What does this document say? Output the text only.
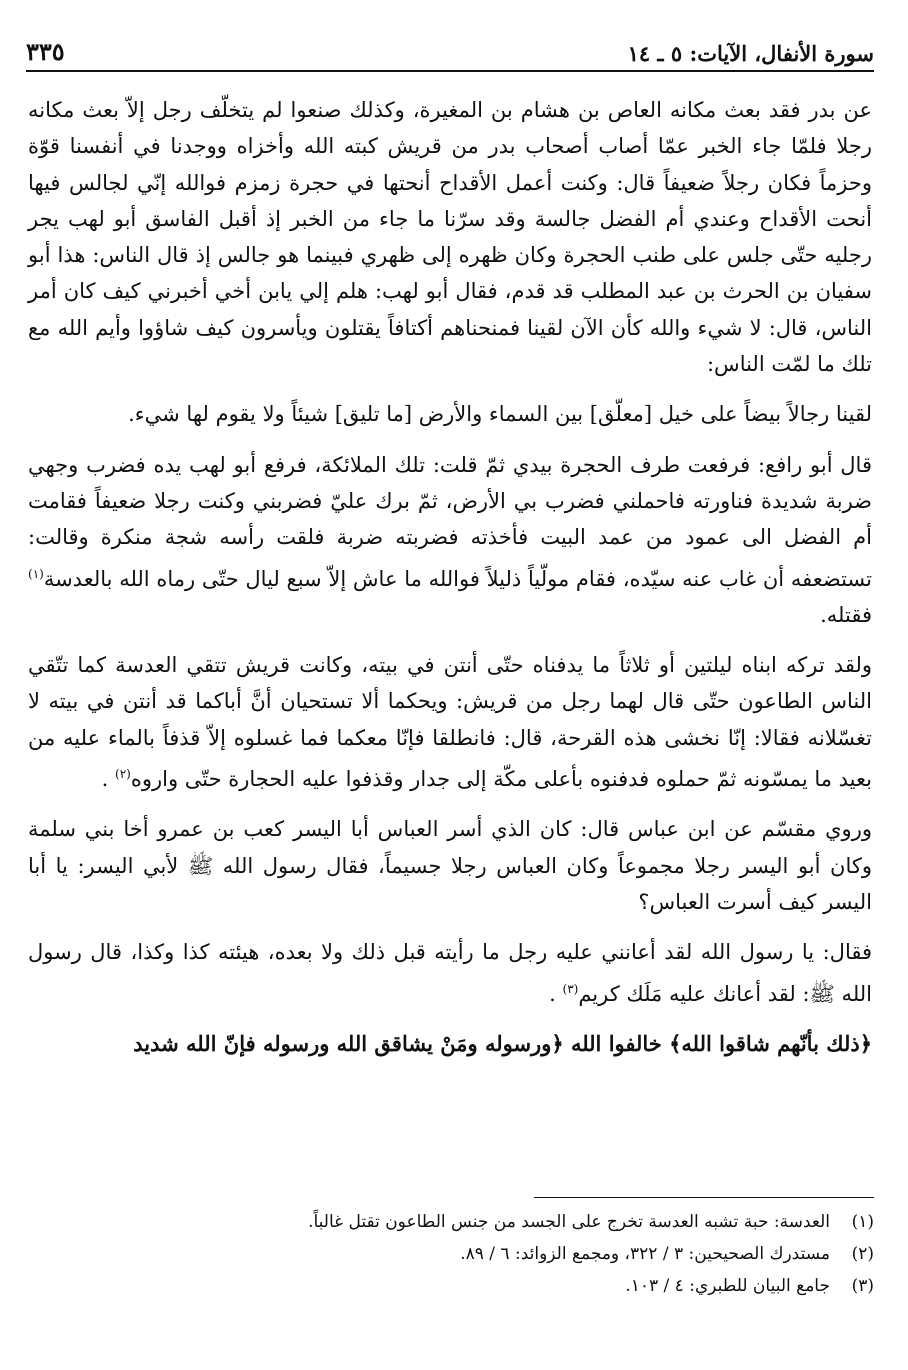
سورة الأنفال، الآيات: ٥ ـ ١٤
٣٣٥

عن بدر فقد بعث مكانه العاص بن هشام بن المغيرة، وكذلك صنعوا لم يتخلّف رجل إلاّ بعث مكانه رجلا فلمّا جاء الخبر عمّا أصاب أصحاب بدر من قريش كبته الله وأخزاه ووجدنا في أنفسنا قوّة وحزماً فكان رجلاً ضعيفاً قال: وكنت أعمل الأقداح أنحتها في حجرة زمزم فوالله إنّي لجالس فيها أنحت الأقداح وعندي أم الفضل جالسة وقد سرّنا ما جاء من الخبر إذ أقبل الفاسق أبو لهب يجر رجليه حتّى جلس على طنب الحجرة وكان ظهره إلى ظهري فبينما هو جالس إذ قال الناس: هذا أبو سفيان بن الحرث بن عبد المطلب قد قدم، فقال أبو لهب: هلم إلي يابن أخي أخبرني كيف كان أمر الناس، قال: لا شيء والله كأن الآن لقينا فمنحناهم أكتافاً يقتلون ويأسرون كيف شاؤوا وأيم الله مع تلك ما لمّت الناس:

لقينا رجالاً بيضاً على خيل [معلّق] بين السماء والأرض [ما تليق] شيئاً ولا يقوم لها شيء.

قال أبو رافع: فرفعت طرف الحجرة بيدي ثمّ قلت: تلك الملائكة، فرفع أبو لهب يده فضرب وجهي ضربة شديدة فناورته فاحملني فضرب بي الأرض، ثمّ برك عليّ فضربني وكنت رجلا ضعيفاً فقامت أم الفضل الى عمود من عمد البيت فأخذته فضربته ضربة فلقت رأسه شجة منكرة وقالت: تستضعفه أن غاب عنه سيّده، فقام مولّياً ذليلاً فوالله ما عاش إلاّ سبع ليال حتّى رماه الله بالعدسة$^{(١)}$ فقتله.

ولقد تركه ابناه ليلتين أو ثلاثاً ما يدفناه حتّى أنتن في بيته، وكانت قريش تتقي العدسة كما تتّقي الناس الطاعون حتّى قال لهما رجل من قريش: ويحكما ألا تستحيان أنَّ أباكما قد أنتن في بيته لا تغسّلانه فقالا: إنّا نخشى هذه القرحة، قال: فانطلقا فإنّا معكما فما غسلوه إلاّ قذفاً بالماء عليه من بعيد ما يمسّونه ثمّ حملوه فدفنوه بأعلى مكّة إلى جدار وقذفوا عليه الحجارة حتّى واروه$^{(٢)}$ .

وروي مقسّم عن ابن عباس قال: كان الذي أسر العباس أبا اليسر كعب بن عمرو أخا بني سلمة وكان أبو اليسر رجلا مجموعاً وكان العباس رجلا جسيماً، فقال رسول الله ﷺ لأبي اليسر: يا أبا اليسر كيف أسرت العباس؟

فقال: يا رسول الله لقد أعانني عليه رجل ما رأيته قبل ذلك ولا بعده، هيئته كذا وكذا، قال رسول الله ﷺ: لقد أعانك عليه مَلَك كريم$^{(٣)}$ .

﴿ذلك بأنّهم شاقوا الله﴾ خالفوا الله ﴿ورسوله ومَنْ يشاقق الله ورسوله فإنّ الله شديد

(١)
العدسة: حبة تشبه العدسة تخرج على الجسد من جنس الطاعون تقتل غالباً.
(٢)
مستدرك الصحيحين: ٣ / ٣٢٢، ومجمع الزوائد: ٦ / ٨٩.
(٣)
جامع البيان للطبري: ٤ / ١٠٣.
